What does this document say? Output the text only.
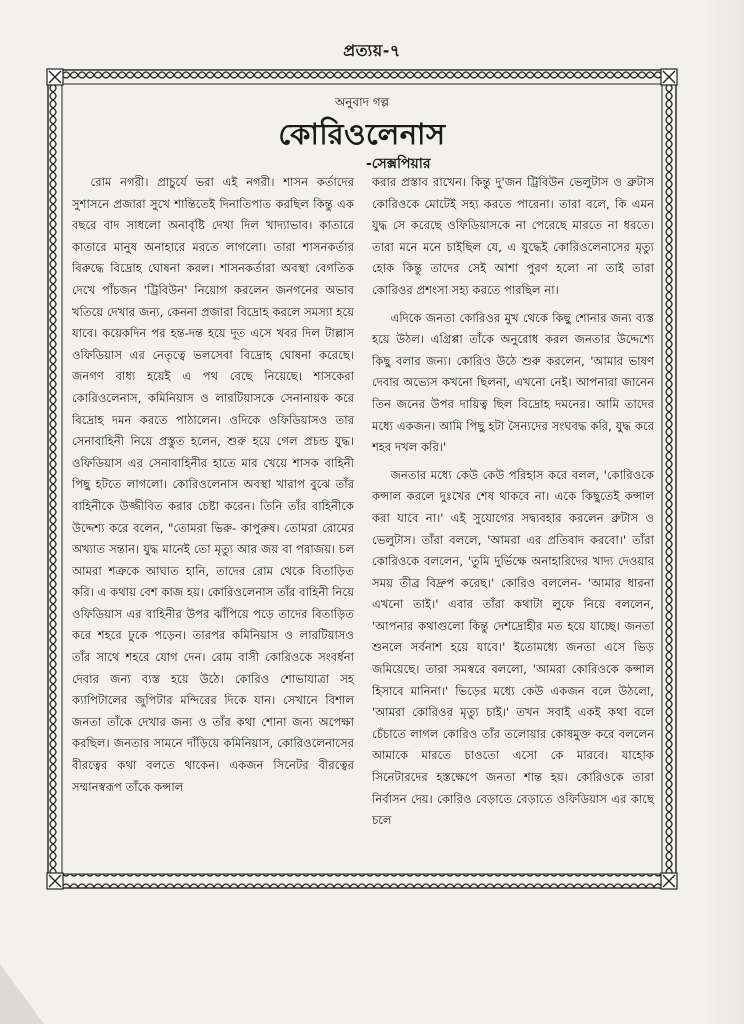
প্রত্যয়-৭
অনুবাদ গল্প
কোরিওলেনাস
-সেক্সপিয়ার

রোম নগরী। প্রাচুর্যে ভরা এই নগরী। শাসন কর্তাদের সুশাসনে প্রজারা সুখে শান্তিতেই দিনাতিপাত করছিল কিন্তু এক বছরে বাদ সাধলো অনাবৃষ্টি দেখা দিল খাদ্যাভাব। কাতারে কাতারে মানুষ অনাহারে মরতে লাগলো। তারা শাসনকর্তার বিরুদ্ধে বিদ্রোহ ঘোষনা করল। শাসনকর্তারা অবস্থা বেগতিক দেখে পাঁচজন 'ট্রিবিউন' নিয়োগ করলেন জনগনের অভাব খতিয়ে দেখার জন্য, কেননা প্রজারা বিদ্রোহ করলে সমস্যা হয়ে যাবে। কয়েকদিন পর হন্ত-দন্ত হয়ে দূত এসে খবর দিল টাল্লাস ওফিডিয়াস এর নেতৃত্বে ভলসেবা বিদ্রোহ ঘোষনা করেছে। জনগণ বাধ্য হয়েই এ পথ বেছে নিয়েছে। শাসকেরা কোরিওলেনাস, কমিনিয়াস ও লারটিয়াসকে সেনানায়ক করে বিদ্রোহ দমন করতে পাঠালেন। ওদিকে ওফিডিয়াসও তার সেনাবাহিনী নিয়ে প্রস্তুত হলেন, শুরু হয়ে গেল প্রচন্ড যুদ্ধ। ওফিডিয়াস এর সেনাবাহিনীর হাতে মার খেয়ে শাসক বাহিনী পিছু হটতে লাগলো। কোরিওলেনাস অবস্থা খারাপ বুঝে তাঁর বাহিনীকে উজ্জীবিত করার চেষ্টা করেন। তিনি তাঁর বাহিনীকে উদ্দেশ্য করে বলেন, "তোমরা ভিরু- কাপুরুষ। তোমরা রোমের অখ্যাত সন্তান। যুদ্ধ মানেই তো মৃত্যু আর জয় বা পরাজয়। চল আমরা শত্রুকে আঘাত হানি, তাদের রোম থেকে বিতাড়িত করি। এ কথায় বেশ কাজ হয়। কোরিওলেনাস তাঁর বাহিনী নিয়ে ওফিডিয়াস এর বাহিনীর উপর ঝাঁপিয়ে পড়ে তাদের বিতাড়িত করে শহরে ঢুকে পড়েন। তারপর কমিনিয়াস ও লারটিয়াসও তাঁর সাথে শহরে যোগ দেন। রোম বাসী কোরিওকে সংবর্ধনা দেবার জন্য ব্যস্ত হয়ে উঠে। কোরিও শোভাযাত্রা সহ ক্যাপিটালের জুপিটার মন্দিরের দিকে যান। সেখানে বিশাল জনতা তাঁকে দেখার জন্য ও তাঁর কথা শোনা জন্য অপেক্ষা করছিল। জনতার সামনে দাঁড়িয়ে কমিনিয়াস, কোরিওলেনাসের বীরত্বের কথা বলতে থাকেন। একজন সিনেটর বীরত্বের সম্মানস্বরূপ তাঁকে কন্সাল

করার প্রস্তাব রাখেন। কিন্তু দু'জন ট্রিবিউন ভেলুটাস ও ব্রুটাস কোরিওকে মোটেই সহ্য করতে পারেনা। তারা বলে, কি এমন যুদ্ধ সে করেছে ওফিডিয়াসকে না পেরেছে মারতে না ধরতে। তারা মনে মনে চাইছিল যে, এ যুদ্ধেই কোরিওলেনাসের মৃত্যু হোক কিন্তু তাদের সেই আশা পুরণ হলো না তাই তারা কোরিওর প্রশংসা সহ্য করতে পারছিল না।

এদিকে জনতা কোরিওর মুখ থেকে কিছু শোনার জন্য ব্যস্ত হয়ে উঠল। এগ্রিপ্পা তাঁকে অনুরোধ করল জনতার উদ্দেশ্যে কিছু বলার জন্য। কোরিও উঠে শুরু করলেন, 'আমার ভাষণ দেবার অভ্যেস কখনো ছিলনা, এখনো নেই। আপনারা জানেন তিন জনের উপর দায়িত্ব ছিল বিদ্রোহ দমনের। আমি তাদের মধ্যে একজন। আমি পিছু হটা সৈন্যদের সংঘবদ্ধ করি, যুদ্ধ করে শহর দখল করি।'

জনতার মধ্যে কেউ কেউ পরিহাস করে বলল, 'কোরিওকে কন্সাল করলে দুঃখের শেষ থাকবে না। একে কিছুতেই কন্সাল করা যাবে না।' এই সুযোগের সদ্ব্যবহার করলেন ব্রুটাস ও ভেলুটাস। তাঁরা বললে, 'আমরা এর প্রতিবাদ করবো।' তাঁরা কোরিওকে বললেন, 'তুমি দুর্ভিক্ষে অনাহারিদের খাদ্য দেওয়ার সময় তীব্র বিদ্রুপ করেছ।' কোরিও বললেন- 'আমার ধারনা এখনো তাই।' এবার তাঁরা কথাটা লুফে নিয়ে বললেন, 'আপনার কথাগুলো কিন্তু দেশদ্রোহীর মত হয়ে যাচ্ছে। জনতা শুনলে সর্বনাশ হয়ে যাবে।' ইতোমধ্যে জনতা এসে ভিড় জমিয়েছে। তারা সমস্বরে বললো, 'আমরা কোরিওকে কন্সাল হিসাবে মানিনা।' ভিড়ের মধ্যে কেউ একজন বলে উঠলো, 'আমরা কোরিওর মৃত্যু চাই।' তখন সবাই একই কথা বলে চেঁচাতে লাগল কোরিও তাঁর তলোয়ার কোষমুক্ত করে বললেন আমাকে মারতে চাওতো এসো কে মারবে। যাহোক সিনেটারদের হস্তক্ষেপে জনতা শান্ত হয়। কোরিওকে তারা নির্বাসন দেয়। কোরিও বেড়াতে বেড়াতে ওফিডিয়াস এর কাছে চলে
